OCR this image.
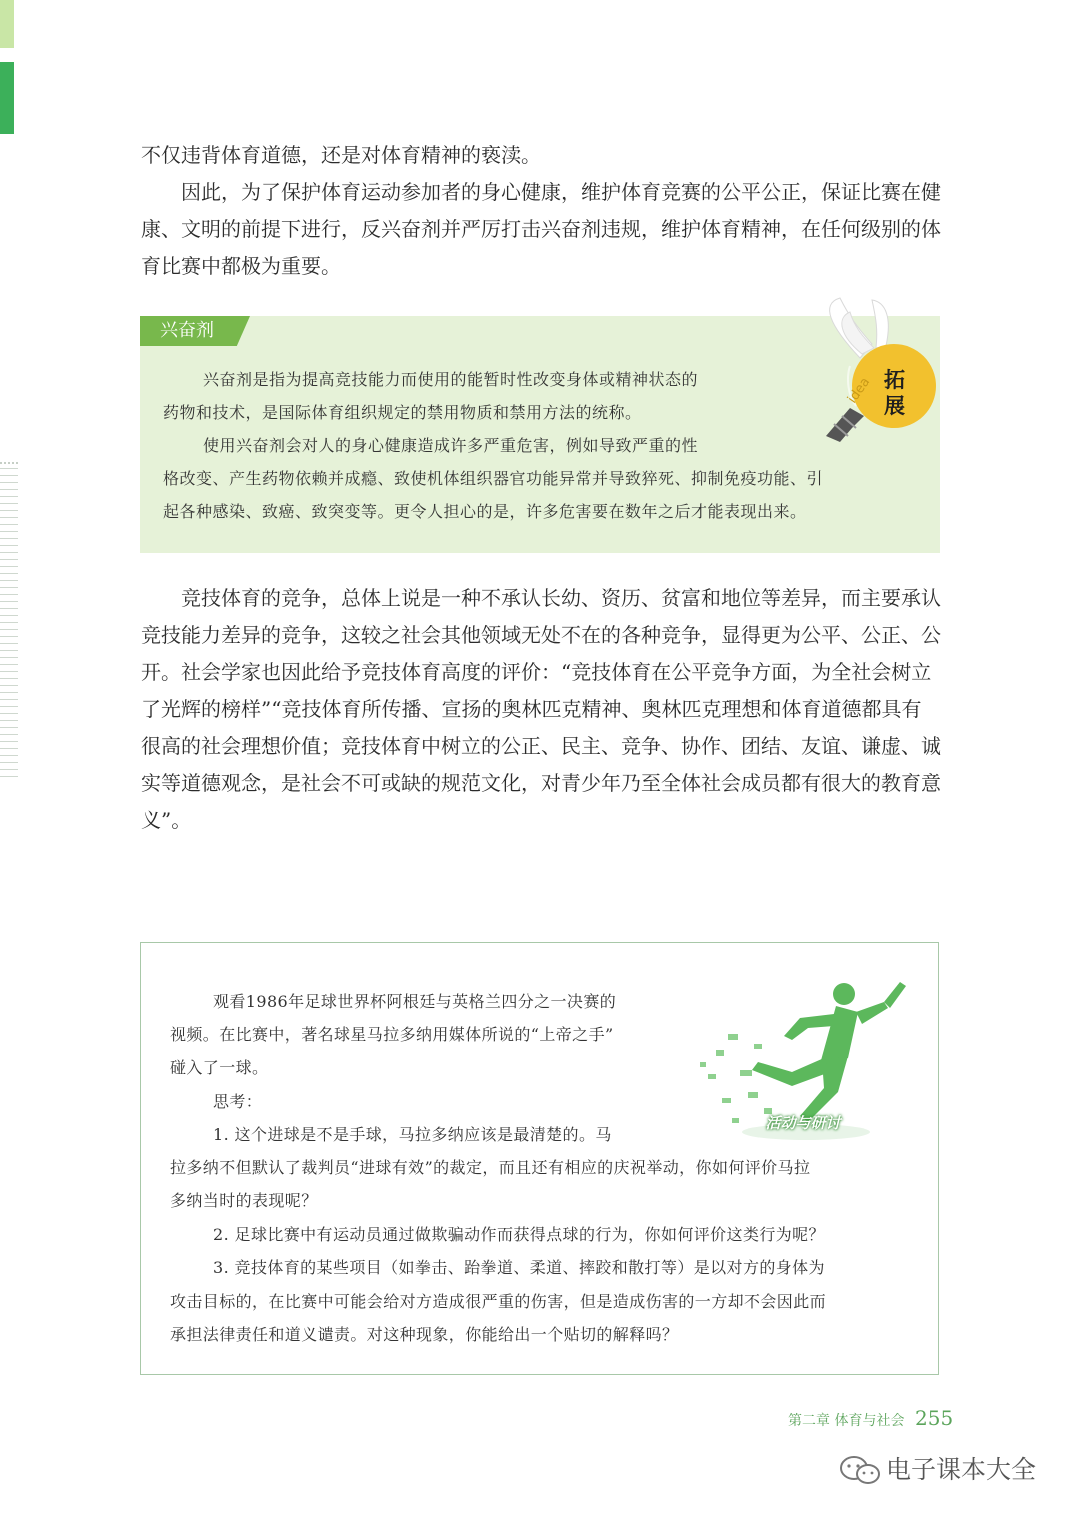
不仅违背体育道德，还是对体育精神的亵渎。

因此，为了保护体育运动参加者的身心健康，维护体育竞赛的公平公正，保证比赛在健康、文明的前提下进行，反兴奋剂并严厉打击兴奋剂违规，维护体育精神，在任何级别的体育比赛中都极为重要。

兴奋剂

兴奋剂是指为提高竞技能力而使用的能暂时性改变身体或精神状态的

药物和技术，是国际体育组织规定的禁用物质和禁用方法的统称。

使用兴奋剂会对人的身心健康造成许多严重危害，例如导致严重的性

格改变、产生药物依赖并成瘾、致使机体组织器官功能异常并导致猝死、抑制免疫功能、引

起各种感染、致癌、致突变等。更令人担心的是，许多危害要在数年之后才能表现出来。

idea 拓
展

竞技体育的竞争，总体上说是一种不承认长幼、资历、贫富和地位等差异，而主要承认竞技能力差异的竞争，这较之社会其他领域无处不在的各种竞争，显得更为公平、公正、公开。社会学家也因此给予竞技体育高度的评价：“竞技体育在公平竞争方面，为全社会树立了光辉的榜样”“竞技体育所传播、宣扬的奥林匹克精神、奥林匹克理想和体育道德都具有很高的社会理想价值；竞技体育中树立的公正、民主、竞争、协作、团结、友谊、谦虚、诚实等道德观念，是社会不可或缺的规范文化，对青少年乃至全体社会成员都有很大的教育意义”。

活动与研讨

观看1986年足球世界杯阿根廷与英格兰四分之一决赛的

视频。在比赛中，著名球星马拉多纳用媒体所说的“上帝之手”

碰入了一球。

思考：

1. 这个进球是不是手球，马拉多纳应该是最清楚的。马

拉多纳不但默认了裁判员“进球有效”的裁定，而且还有相应的庆祝举动，你如何评价马拉

多纳当时的表现呢？

2. 足球比赛中有运动员通过做欺骗动作而获得点球的行为，你如何评价这类行为呢？

3. 竞技体育的某些项目（如拳击、跆拳道、柔道、摔跤和散打等）是以对方的身体为

攻击目标的，在比赛中可能会给对方造成很严重的伤害，但是造成伤害的一方却不会因此而

承担法律责任和道义谴责。对这种现象，你能给出一个贴切的解释吗？

第二章 体育与社会 255
电子课本大全
